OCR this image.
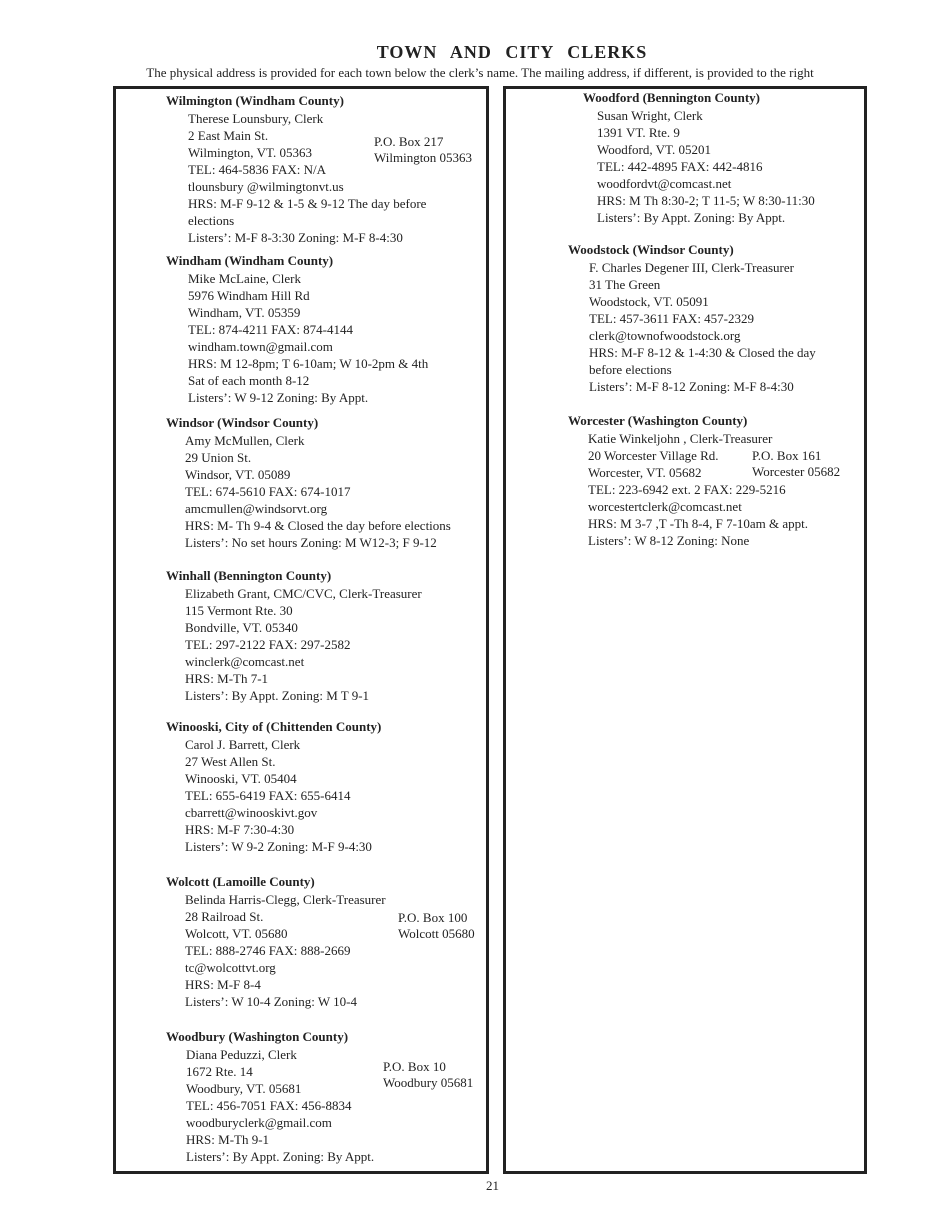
TOWN AND CITY CLERKS
The physical address is provided for each town below the clerk’s name. The mailing address, if different, is provided to the right
Wilmington (Windham County)
Therese Lounsbury, Clerk
2 East Main St.
Wilmington, VT. 05363
TEL: 464-5836 FAX: N/A
tlounsbury @wilmingtonvt.us
HRS: M-F 9-12 & 1-5 & 9-12 The day before
elections
Listers’: M-F 8-3:30 Zoning: M-F 8-4:30
P.O. Box 217
Wilmington 05363
Windham (Windham County)
Mike McLaine, Clerk
5976 Windham Hill Rd
Windham, VT. 05359
TEL: 874-4211 FAX: 874-4144
windham.town@gmail.com
HRS: M 12-8pm; T 6-10am; W 10-2pm & 4th
Sat of each month 8-12
Listers’: W 9-12 Zoning: By Appt.
Windsor (Windsor County)
Amy McMullen, Clerk
29 Union St.
Windsor, VT. 05089
TEL: 674-5610 FAX: 674-1017
amcmullen@windsorvt.org
HRS: M- Th 9-4 & Closed the day before elections
Listers’: No set hours Zoning: M W12-3; F 9-12
Winhall (Bennington County)
Elizabeth Grant, CMC/CVC, Clerk-Treasurer
115 Vermont Rte. 30
Bondville, VT. 05340
TEL: 297-2122 FAX: 297-2582
winclerk@comcast.net
HRS: M-Th 7-1
Listers’: By Appt. Zoning: M T 9-1
Winooski, City of (Chittenden County)
Carol J. Barrett, Clerk
27 West Allen St.
Winooski, VT. 05404
TEL: 655-6419 FAX: 655-6414
cbarrett@winooskivt.gov
HRS: M-F 7:30-4:30
Listers’: W 9-2 Zoning: M-F 9-4:30
Wolcott (Lamoille County)
Belinda Harris-Clegg, Clerk-Treasurer
28 Railroad St.
Wolcott, VT. 05680
TEL: 888-2746 FAX: 888-2669
tc@wolcottvt.org
HRS: M-F 8-4
Listers’: W 10-4 Zoning: W 10-4
P.O. Box 100
Wolcott 05680
Woodbury (Washington County)
Diana Peduzzi, Clerk
1672 Rte. 14
Woodbury, VT. 05681
TEL: 456-7051 FAX: 456-8834
woodburyclerk@gmail.com
HRS: M-Th 9-1
Listers’: By Appt. Zoning: By Appt.
P.O. Box 10
Woodbury 05681
Woodford (Bennington County)
Susan Wright, Clerk
1391 VT. Rte. 9
Woodford, VT. 05201
TEL: 442-4895 FAX: 442-4816
woodfordvt@comcast.net
HRS: M Th 8:30-2; T 11-5; W 8:30-11:30
Listers’: By Appt. Zoning: By Appt.
Woodstock (Windsor County)
F. Charles Degener III, Clerk-Treasurer
31 The Green
Woodstock, VT. 05091
TEL: 457-3611 FAX: 457-2329
clerk@townofwoodstock.org
HRS: M-F 8-12 & 1-4:30 & Closed the day
before elections
Listers’: M-F 8-12 Zoning: M-F 8-4:30
Worcester (Washington County)
Katie Winkeljohn , Clerk-Treasurer
20 Worcester Village Rd.
Worcester, VT. 05682
TEL: 223-6942 ext. 2 FAX: 229-5216
worcestertclerk@comcast.net
HRS: M 3-7 ,T -Th 8-4, F 7-10am & appt.
Listers’: W 8-12 Zoning: None
P.O. Box 161
Worcester 05682
21
